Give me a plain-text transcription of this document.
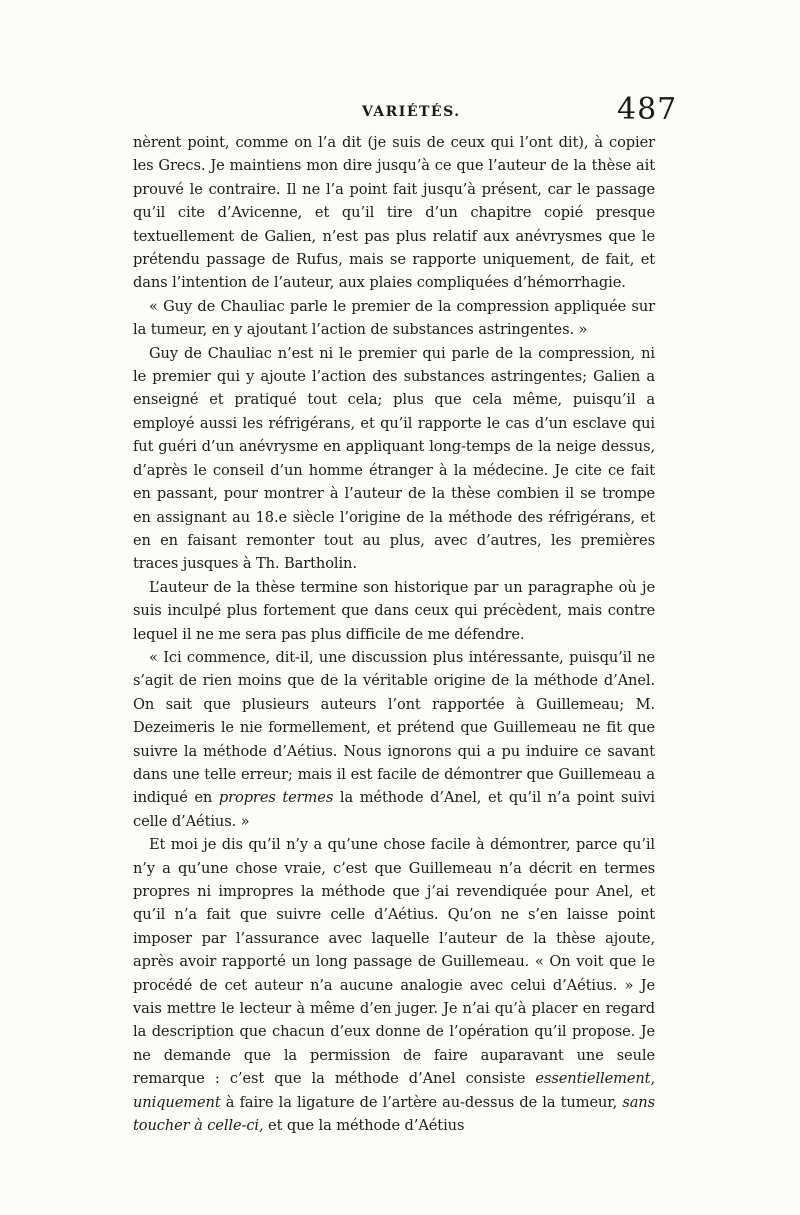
VARIÉTÉS.	487

nèrent point, comme on l’a dit (je suis de ceux qui l’ont dit), à copier les Grecs. Je maintiens mon dire jusqu’à ce que l’auteur de la thèse ait prouvé le contraire. Il ne l’a point fait jusqu’à présent, car le passage qu’il cite d’Avicenne, et qu’il tire d’un chapitre copié presque textuellement de Galien, n’est pas plus relatif aux anévrysmes que le prétendu passage de Rufus, mais se rapporte uniquement, de fait, et dans l’intention de l’auteur, aux plaies compliquées d’hémorrhagie.

« Guy de Chauliac parle le premier de la compression appliquée sur la tumeur, en y ajoutant l’action de substances astringentes. »

Guy de Chauliac n’est ni le premier qui parle de la compression, ni le premier qui y ajoute l’action des substances astringentes; Galien a enseigné et pratiqué tout cela; plus que cela même, puisqu’il a employé aussi les réfrigérans, et qu’il rapporte le cas d’un esclave qui fut guéri d’un anévrysme en appliquant long-temps de la neige dessus, d’après le conseil d’un homme étranger à la médecine. Je cite ce fait en passant, pour montrer à l’auteur de la thèse combien il se trompe en assignant au 18.e siècle l’origine de la méthode des réfrigérans, et en en faisant remonter tout au plus, avec d’autres, les premières traces jusques à Th. Bartholin.

L’auteur de la thèse termine son historique par un paragraphe où je suis inculpé plus fortement que dans ceux qui précèdent, mais contre lequel il ne me sera pas plus difficile de me défendre.

« Ici commence, dit-il, une discussion plus intéressante, puisqu’il ne s’agit de rien moins que de la véritable origine de la méthode d’Anel. On sait que plusieurs auteurs l’ont rapportée à Guillemeau; M. Dezeimeris le nie formellement, et prétend que Guillemeau ne fit que suivre la méthode d’Aétius. Nous ignorons qui a pu induire ce savant dans une telle erreur; mais il est facile de démontrer que Guillemeau a indiqué en propres termes la méthode d’Anel, et qu’il n’a point suivi celle d’Aétius. »

Et moi je dis qu’il n’y a qu’une chose facile à démontrer, parce qu’il n’y a qu’une chose vraie, c’est que Guillemeau n’a décrit en termes propres ni impropres la méthode que j’ai revendiquée pour Anel, et qu’il n’a fait que suivre celle d’Aétius. Qu’on ne s’en laisse point imposer par l’assurance avec laquelle l’auteur de la thèse ajoute, après avoir rapporté un long passage de Guillemeau. « On voit que le procédé de cet auteur n’a aucune analogie avec celui d’Aétius. » Je vais mettre le lecteur à même d’en juger. Je n’ai qu’à placer en regard la description que chacun d’eux donne de l’opération qu’il propose. Je ne demande que la permission de faire auparavant une seule remarque : c’est que la méthode d’Anel consiste essentiellement, uniquement à faire la ligature de l’artère au-dessus de la tumeur, sans toucher à celle-ci, et que la méthode d’Aétius
